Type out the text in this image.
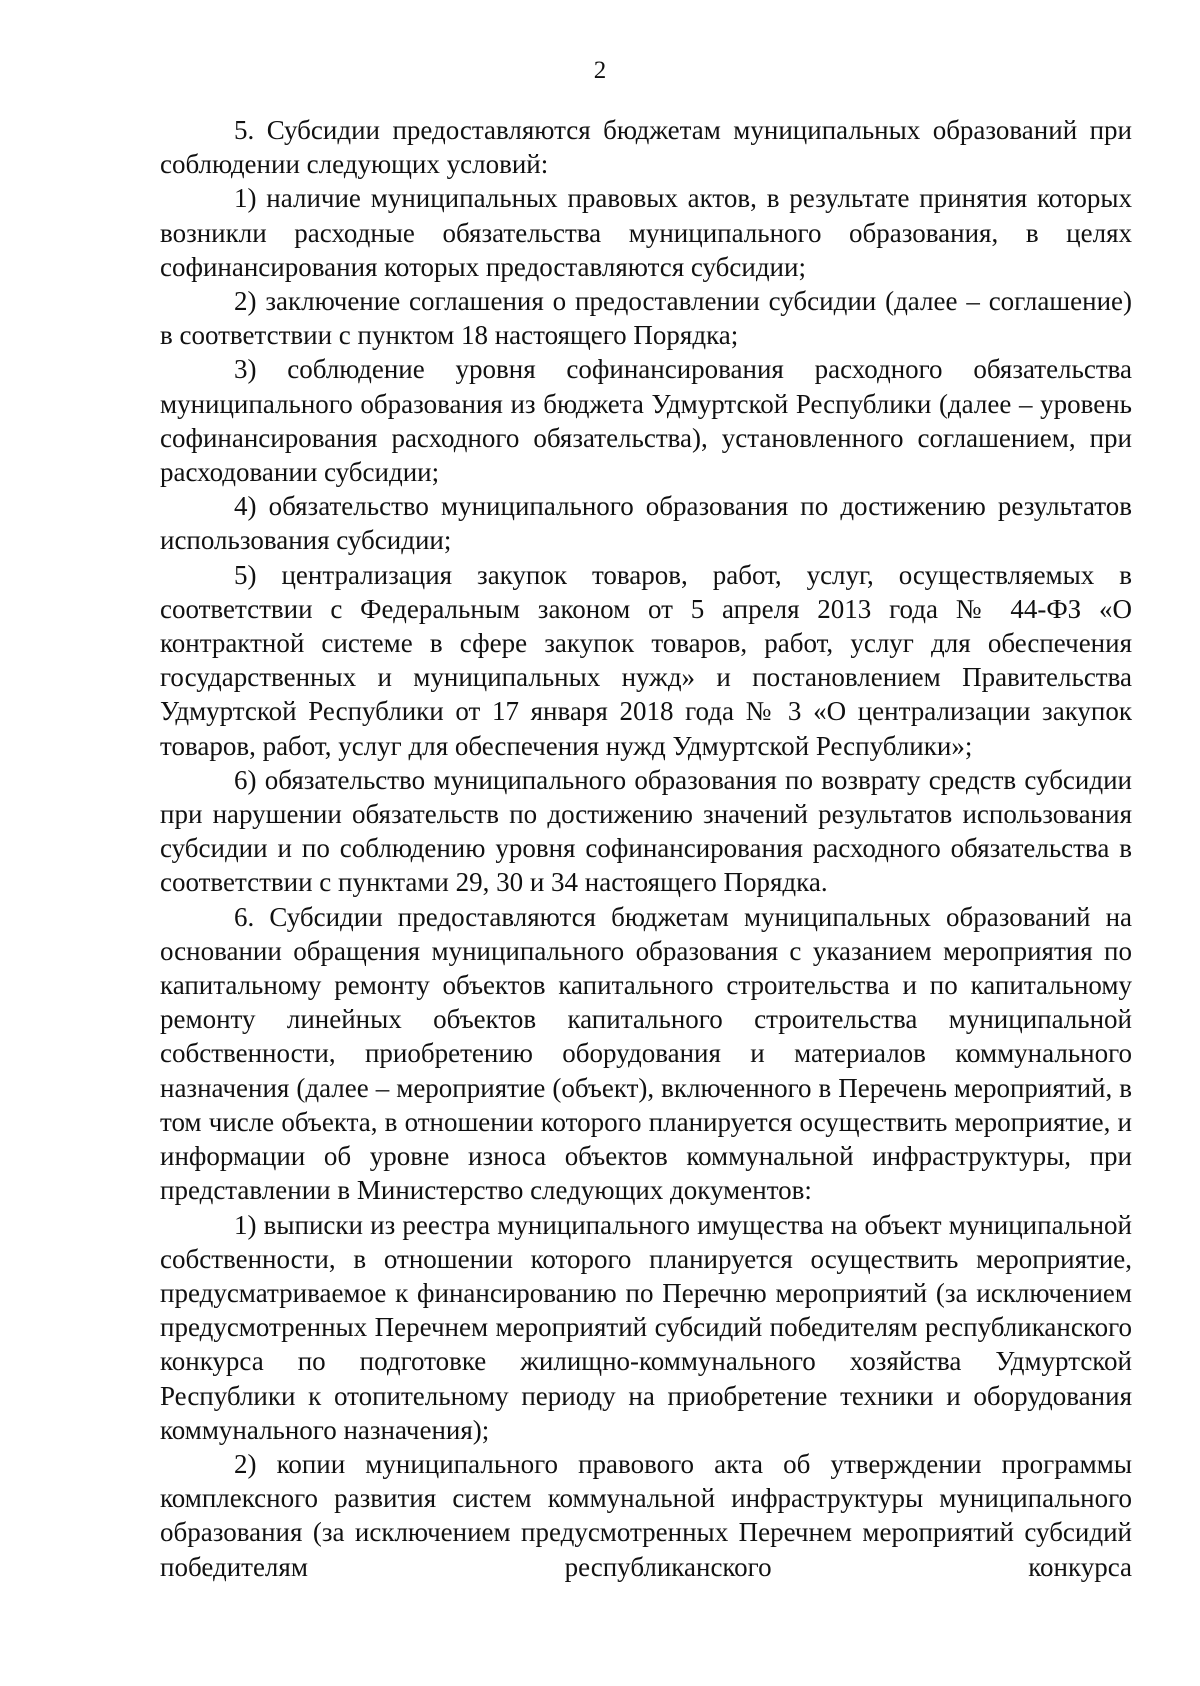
2

5. Субсидии предоставляются бюджетам муниципальных образований при соблюдении следующих условий:

1) наличие муниципальных правовых актов, в результате принятия которых возникли расходные обязательства муниципального образования, в целях софинансирования которых предоставляются субсидии;

2) заключение соглашения о предоставлении субсидии (далее – соглашение) в соответствии с пунктом 18 настоящего Порядка;

3) соблюдение уровня софинансирования расходного обязательства муниципального образования из бюджета Удмуртской Республики (далее – уровень софинансирования расходного обязательства), установленного соглашением, при расходовании субсидии;

4) обязательство муниципального образования по достижению результатов использования субсидии;

5) централизация закупок товаров, работ, услуг, осуществляемых в соответствии с Федеральным законом от 5 апреля 2013 года № 44-ФЗ «О контрактной системе в сфере закупок товаров, работ, услуг для обеспечения государственных и муниципальных нужд» и постановлением Правительства Удмуртской Республики от 17 января 2018 года № 3 «О централизации закупок товаров, работ, услуг для обеспечения нужд Удмуртской Республики»;

6) обязательство муниципального образования по возврату средств субсидии при нарушении обязательств по достижению значений результатов использования субсидии и по соблюдению уровня софинансирования расходного обязательства в соответствии с пунктами 29, 30 и 34 настоящего Порядка.

6. Субсидии предоставляются бюджетам муниципальных образований на основании обращения муниципального образования с указанием мероприятия по капитальному ремонту объектов капитального строительства и по капитальному ремонту линейных объектов капитального строительства муниципальной собственности, приобретению оборудования и материалов коммунального назначения (далее – мероприятие (объект), включенного в Перечень мероприятий, в том числе объекта, в отношении которого планируется осуществить мероприятие, и информации об уровне износа объектов коммунальной инфраструктуры, при представлении в Министерство следующих документов:

1) выписки из реестра муниципального имущества на объект муниципальной собственности, в отношении которого планируется осуществить мероприятие, предусматриваемое к финансированию по Перечню мероприятий (за исключением предусмотренных Перечнем мероприятий субсидий победителям республиканского конкурса по подготовке жилищно-коммунального хозяйства Удмуртской Республики к отопительному периоду на приобретение техники и оборудования коммунального назначения);

2) копии муниципального правового акта об утверждении программы комплексного развития систем коммунальной инфраструктуры муниципального образования (за исключением предусмотренных Перечнем мероприятий субсидий победителям республиканского конкурса
